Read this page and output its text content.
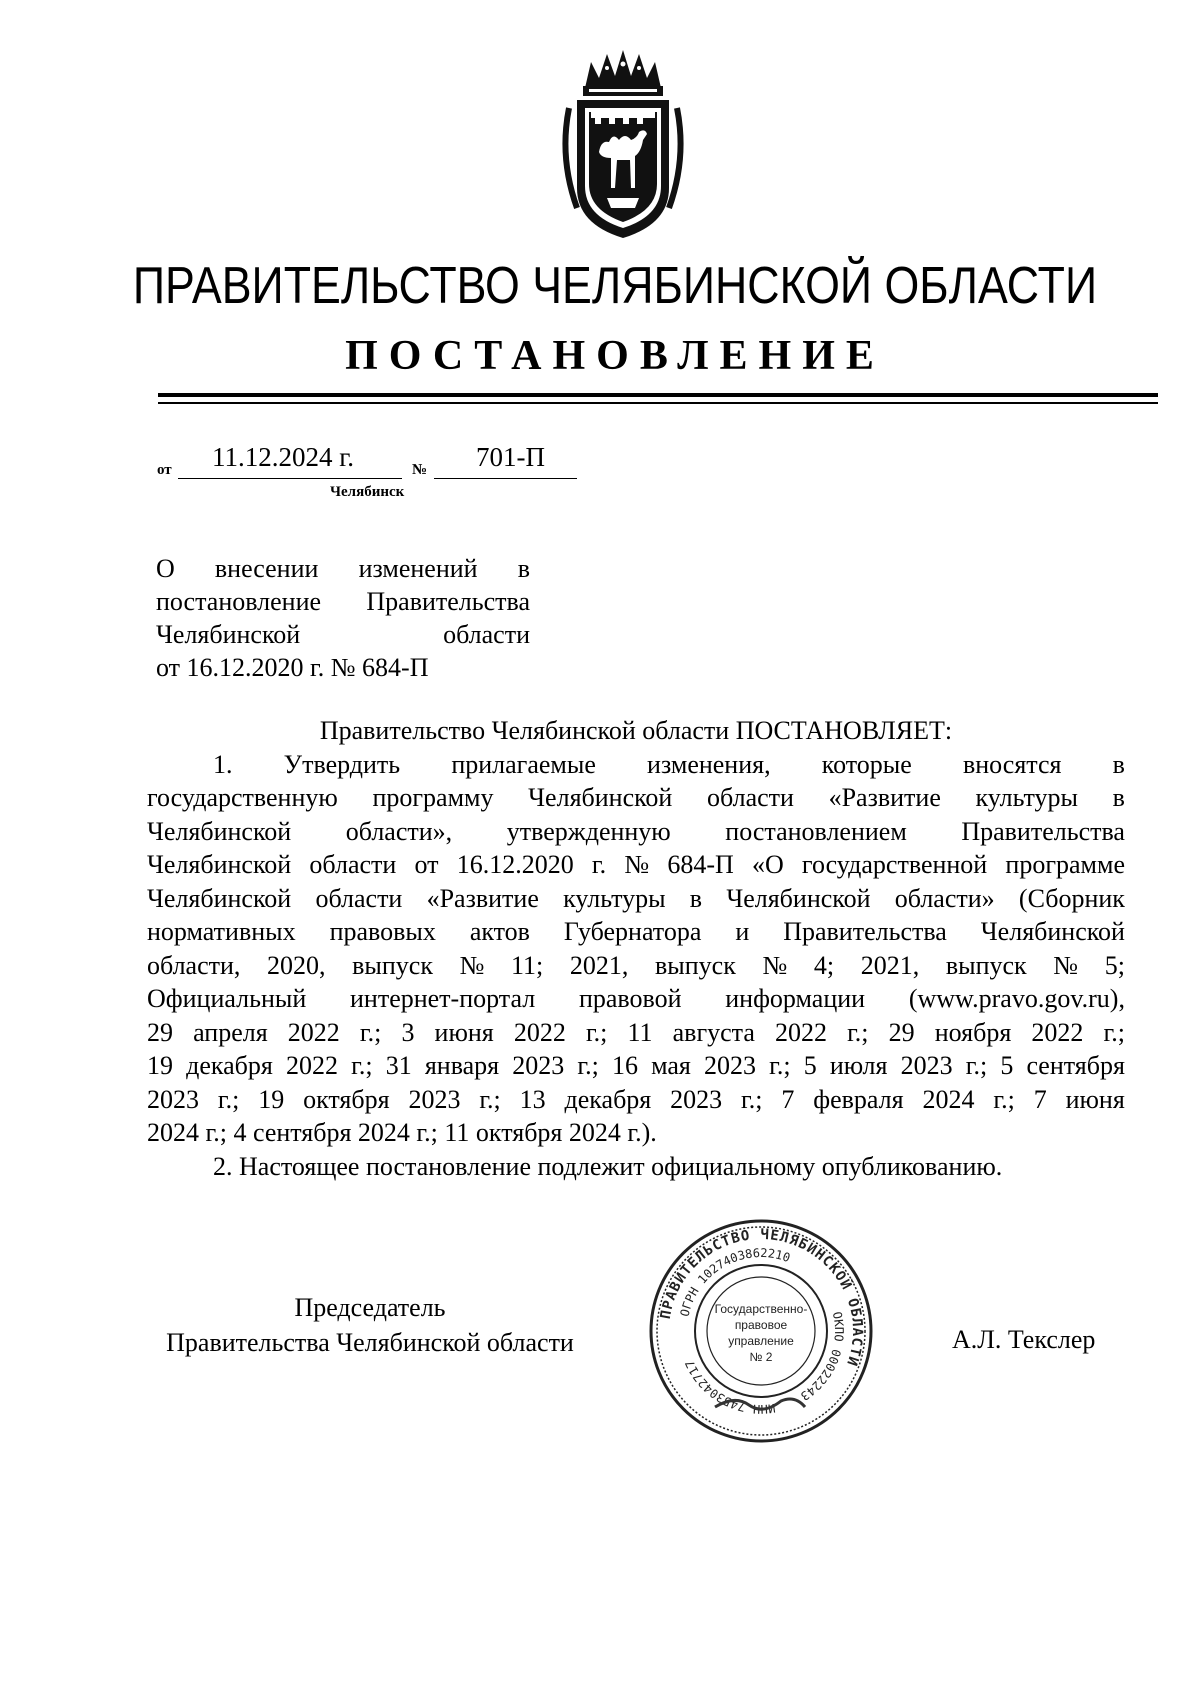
ПРАВИТЕЛЬСТВО ЧЕЛЯБИНСКОЙ ОБЛАСТИ
ПОСТАНОВЛЕНИЕ
от 11.12.2024 г.	№ 701-П
Челябинск
О внесении изменений в
постановление Правительства
Челябинской	области
от 16.12.2020 г. № 684-П
Правительство Челябинской области ПОСТАНОВЛЯЕТ:
1. Утвердить прилагаемые изменения, которые вносятся в
государственную программу Челябинской области «Развитие культуры в
Челябинской области», утвержденную постановлением Правительства
Челябинской области от 16.12.2020 г. № 684-П «О государственной программе
Челябинской области «Развитие культуры в Челябинской области» (Сборник
нормативных правовых актов Губернатора и Правительства Челябинской
области, 2020, выпуск № 11; 2021, выпуск № 4; 2021, выпуск № 5;
Официальный интернет-портал правовой информации (www.pravo.gov.ru),
29 апреля 2022 г.; 3 июня 2022 г.; 11 августа 2022 г.; 29 ноября 2022 г.;
19 декабря 2022 г.; 31 января 2023 г.; 16 мая 2023 г.; 5 июля 2023 г.; 5 сентября
2023 г.; 19 октября 2023 г.; 13 декабря 2023 г.; 7 февраля 2024 г.; 7 июня
2024 г.; 4 сентября 2024 г.; 11 октября 2024 г.).
2. Настоящее постановление подлежит официальному опубликованию.
Председатель
Правительства Челябинской области
ПРАВИТЕЛЬСТВО ЧЕЛЯБИНСКОЙ ОБЛАСТИ
ОГРН 1027403862210
ОКПО 00022243
ИНН 7453042717
Государственно-
правовое
управление
№ 2
А.Л. Текслер
